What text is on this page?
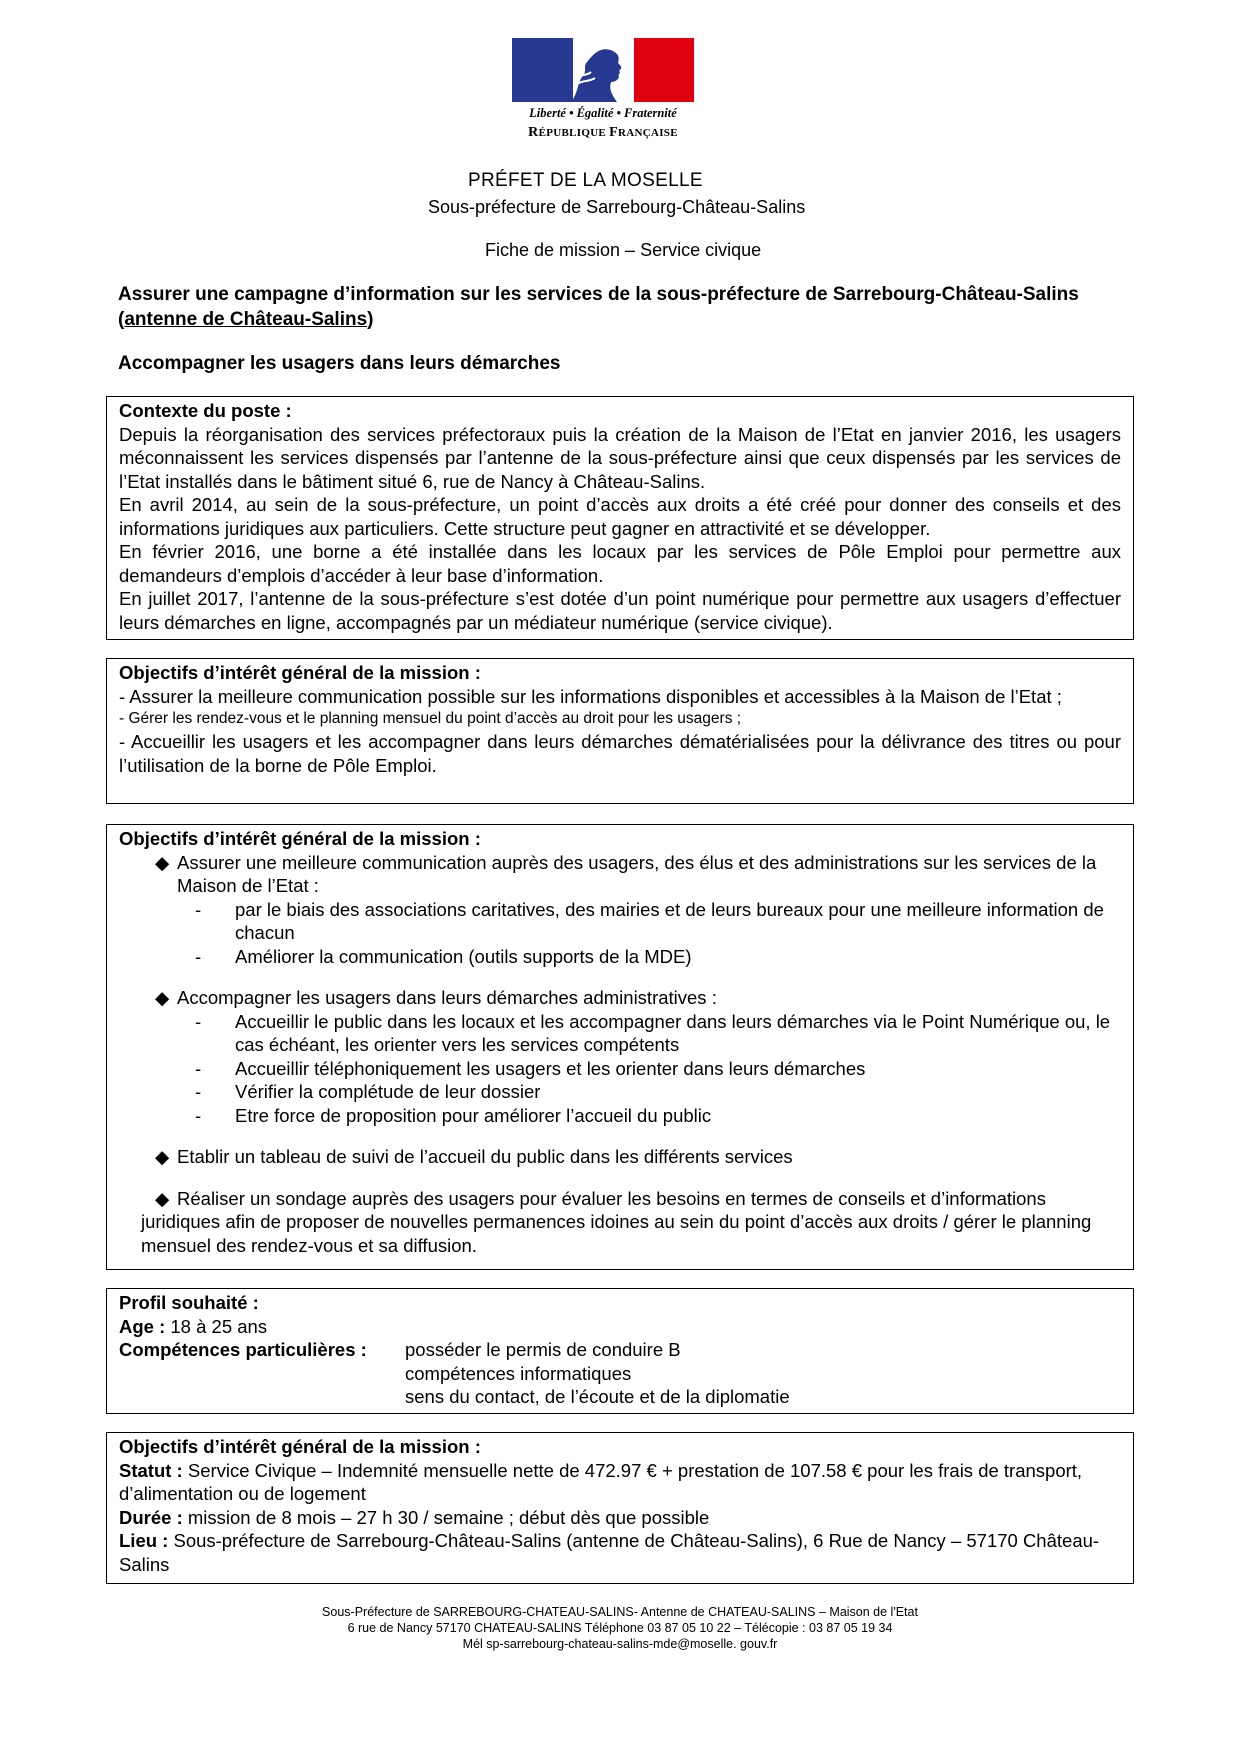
Liberté • Égalité • Fraternité
RÉPUBLIQUE FRANÇAISE
PRÉFET DE LA MOSELLE
Sous-préfecture de Sarrebourg-Château-Salins
Fiche de mission – Service civique
Assurer une campagne d’information sur les services de la sous-préfecture de Sarrebourg-Château-Salins (antenne de Château-Salins)
Accompagner les usagers dans leurs démarches
Contexte du poste :
Depuis la réorganisation des services préfectoraux puis la création de la Maison de l’Etat en janvier 2016, les usagers méconnaissent les services dispensés par l’antenne de la sous-préfecture ainsi que ceux dispensés par les services de l’Etat installés dans le bâtiment situé 6, rue de Nancy à Château-Salins.
En avril 2014, au sein de la sous-préfecture, un point d’accès aux droits a été créé pour donner des conseils et des informations juridiques aux particuliers. Cette structure peut gagner en attractivité et se développer.
En février 2016, une borne a été installée dans les locaux par les services de Pôle Emploi pour permettre aux demandeurs d’emplois d’accéder à leur base d’information.
En juillet 2017, l’antenne de la sous-préfecture s’est dotée d’un point numérique pour permettre aux usagers d’effectuer leurs démarches en ligne, accompagnés par un médiateur numérique (service civique).
Objectifs d’intérêt général de la mission :
- Assurer la meilleure communication possible sur les informations disponibles et accessibles à la Maison de l’Etat ;
- Gérer les rendez-vous et le planning mensuel du point d’accès au droit pour les usagers ;
- Accueillir les usagers et les accompagner dans leurs démarches dématérialisées pour la délivrance des titres ou pour l’utilisation de la borne de Pôle Emploi.
Objectifs d’intérêt général de la mission :
◆ Assurer une meilleure communication auprès des usagers, des élus et des administrations sur les services de la Maison de l’Etat :
- par le biais des associations caritatives, des mairies et de leurs bureaux pour une meilleure information de chacun
- Améliorer la communication (outils supports de la MDE)
◆ Accompagner les usagers dans leurs démarches administratives :
- Accueillir le public dans les locaux et les accompagner dans leurs démarches via le Point Numérique ou, le cas échéant, les orienter vers les services compétents
- Accueillir téléphoniquement les usagers et les orienter dans leurs démarches
- Vérifier la complétude de leur dossier
- Etre force de proposition pour améliorer l’accueil du public
◆ Etablir un tableau de suivi de l’accueil du public dans les différents services
◆ Réaliser un sondage auprès des usagers pour évaluer les besoins en termes de conseils et d’informations juridiques afin de proposer de nouvelles permanences idoines au sein du point d’accès aux droits / gérer le planning mensuel des rendez-vous et sa diffusion.
Profil souhaité :
Age : 18 à 25 ans
Compétences particulières :	posséder le permis de conduire B
compétences informatiques
sens du contact, de l’écoute et de la diplomatie
Objectifs d’intérêt général de la mission :
Statut : Service Civique – Indemnité mensuelle nette de 472.97 € + prestation de 107.58 € pour les frais de transport, d’alimentation ou de logement
Durée : mission de 8 mois – 27 h 30 / semaine ; début dès que possible
Lieu : Sous-préfecture de Sarrebourg-Château-Salins (antenne de Château-Salins), 6 Rue de Nancy – 57170 Château-Salins
Sous-Préfecture de SARREBOURG-CHATEAU-SALINS- Antenne de CHATEAU-SALINS – Maison de l'Etat
6 rue de Nancy 57170 CHATEAU-SALINS Téléphone 03 87 05 10 22 – Télécopie : 03 87 05 19 34
Mél sp-sarrebourg-chateau-salins-mde@moselle. gouv.fr
